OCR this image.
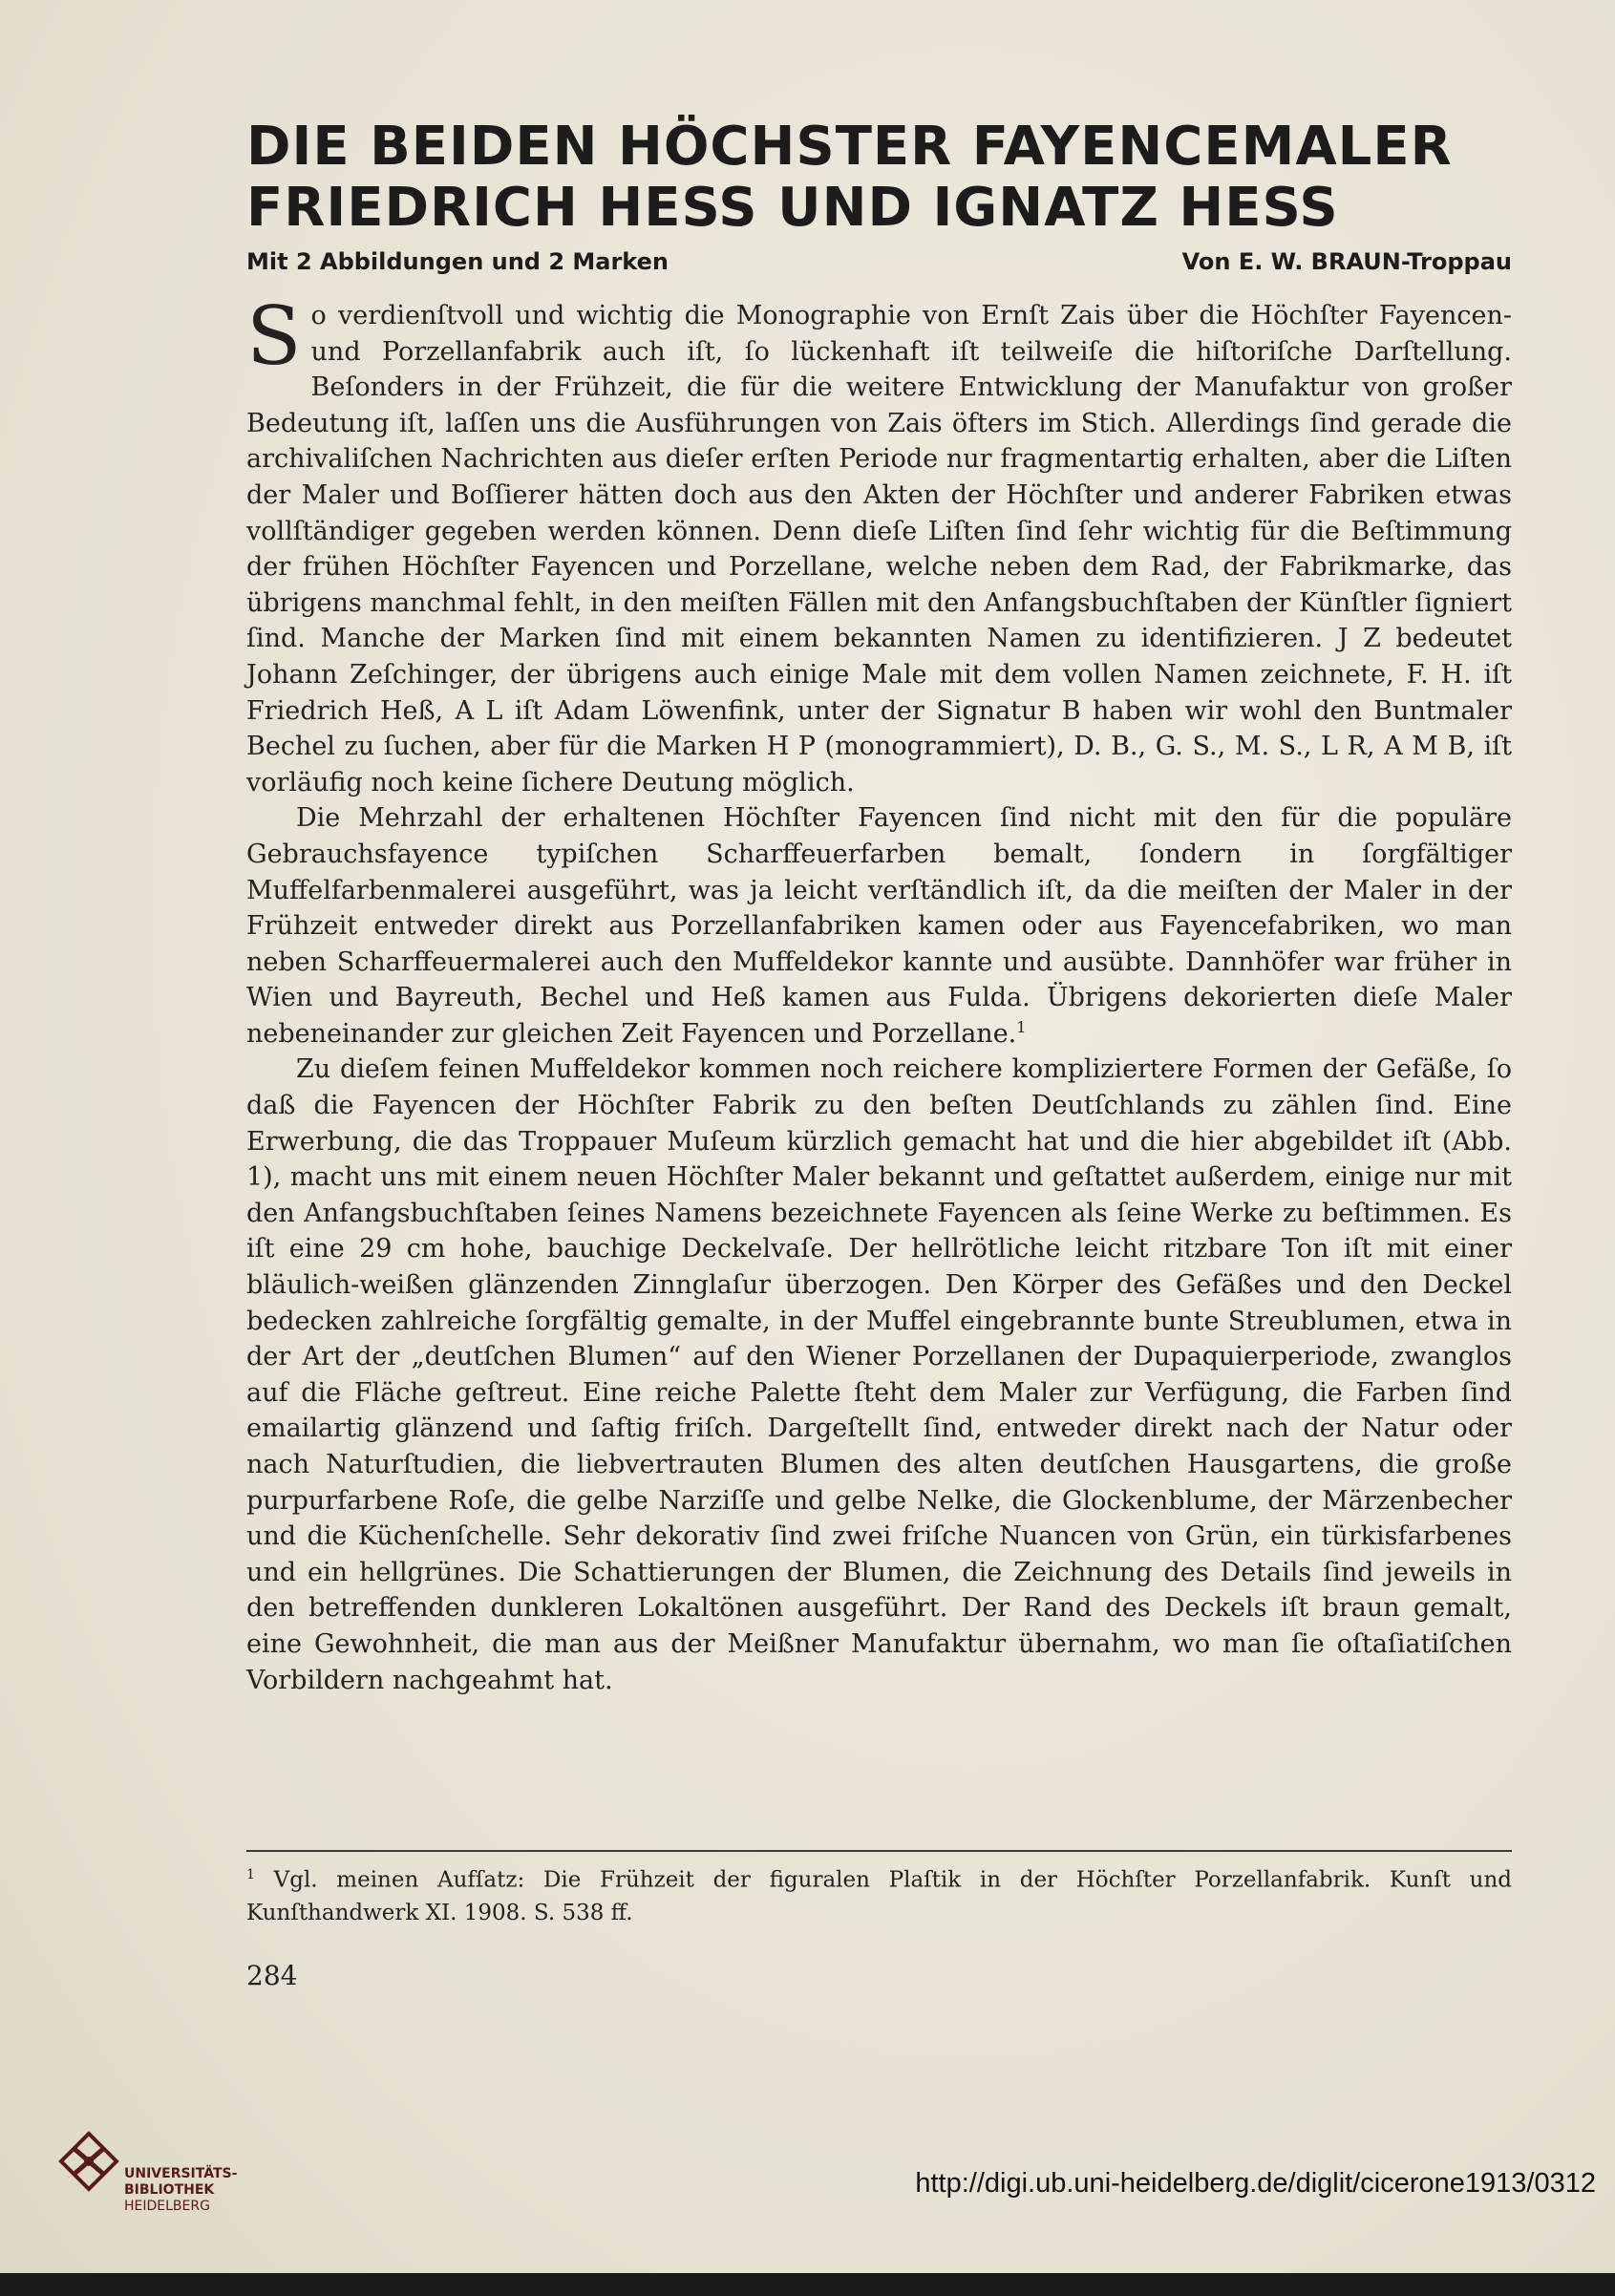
DIE BEIDEN HÖCHSTER FAYENCEMALER
FRIEDRICH HESS UND IGNATZ HESS
Mit 2 Abbildungen und 2 Marken	Von E. W. BRAUN-Troppau

So verdienſtvoll und wichtig die Monographie von Ernſt Zais über die Höchſter Fayencen- und Porzellanfabrik auch iſt, ſo lückenhaft iſt teilweiſe die hiſtoriſche Darſtellung. Beſonders in der Frühzeit, die für die weitere Entwicklung der Manufaktur von großer Bedeutung iſt, laſſen uns die Ausführungen von Zais öfters im Stich. Allerdings ſind gerade die archivaliſchen Nachrichten aus dieſer erſten Periode nur fragmentartig erhalten, aber die Liſten der Maler und Boſſierer hätten doch aus den Akten der Höchſter und anderer Fabriken etwas vollſtändiger gegeben werden können. Denn dieſe Liſten ſind ſehr wichtig für die Beſtimmung der frühen Höchſter Fayencen und Porzellane, welche neben dem Rad, der Fabrikmarke, das übrigens manchmal fehlt, in den meiſten Fällen mit den Anfangsbuchſtaben der Künſtler ſigniert ſind. Manche der Marken ſind mit einem bekannten Namen zu identifizieren. J Z bedeutet Johann Zeſchinger, der übrigens auch einige Male mit dem vollen Namen zeichnete, F. H. iſt Friedrich Heß, A L iſt Adam Löwenfink, unter der Signatur B haben wir wohl den Buntmaler Bechel zu ſuchen, aber für die Marken H P (monogrammiert), D. B., G. S., M. S., L R, A M B, iſt vorläufig noch keine ſichere Deutung möglich.

Die Mehrzahl der erhaltenen Höchſter Fayencen ſind nicht mit den für die populäre Gebrauchsfayence typiſchen Scharffeuerfarben bemalt, ſondern in ſorgfältiger Muffelfarbenmalerei ausgeführt, was ja leicht verſtändlich iſt, da die meiſten der Maler in der Frühzeit entweder direkt aus Porzellanfabriken kamen oder aus Fayencefabriken, wo man neben Scharffeuermalerei auch den Muffeldekor kannte und ausübte. Dannhöfer war früher in Wien und Bayreuth, Bechel und Heß kamen aus Fulda. Übrigens dekorierten dieſe Maler nebeneinander zur gleichen Zeit Fayencen und Porzellane.$^1$

Zu dieſem feinen Muffeldekor kommen noch reichere kompliziertere Formen der Gefäße, ſo daß die Fayencen der Höchſter Fabrik zu den beſten Deutſchlands zu zählen ſind. Eine Erwerbung, die das Troppauer Muſeum kürzlich gemacht hat und die hier abgebildet iſt (Abb. 1), macht uns mit einem neuen Höchſter Maler bekannt und geſtattet außerdem, einige nur mit den Anfangsbuchſtaben ſeines Namens bezeichnete Fayencen als ſeine Werke zu beſtimmen. Es iſt eine 29 cm hohe, bauchige Deckelvaſe. Der hellrötliche leicht ritzbare Ton iſt mit einer bläulich-weißen glänzenden Zinnglaſur überzogen. Den Körper des Gefäßes und den Deckel bedecken zahlreiche ſorgfältig gemalte, in der Muffel eingebrannte bunte Streublumen, etwa in der Art der „deutſchen Blumen“ auf den Wiener Porzellanen der Dupaquierperiode, zwanglos auf die Fläche geſtreut. Eine reiche Palette ſteht dem Maler zur Verfügung, die Farben ſind emailartig glänzend und ſaftig friſch. Dargeſtellt ſind, entweder direkt nach der Natur oder nach Naturſtudien, die liebvertrauten Blumen des alten deutſchen Hausgartens, die große purpurfarbene Roſe, die gelbe Narziſſe und gelbe Nelke, die Glockenblume, der Märzenbecher und die Küchenſchelle. Sehr dekorativ ſind zwei friſche Nuancen von Grün, ein türkisfarbenes und ein hellgrünes. Die Schattierungen der Blumen, die Zeichnung des Details ſind jeweils in den betreffenden dunkleren Lokaltönen ausgeführt. Der Rand des Deckels iſt braun gemalt, eine Gewohnheit, die man aus der Meißner Manufaktur übernahm, wo man ſie oſtaſiatiſchen Vorbildern nachgeahmt hat.

$^1$ Vgl. meinen Aufſatz: Die Frühzeit der figuralen Plaſtik in der Höchſter Porzellanfabrik. Kunſt und Kunſthandwerk XI. 1908. S. 538 ff.
284
UNIVERSITÄTS-
BIBLIOTHEK
HEIDELBERG
http://digi.ub.uni-heidelberg.de/diglit/cicerone1913/0312
